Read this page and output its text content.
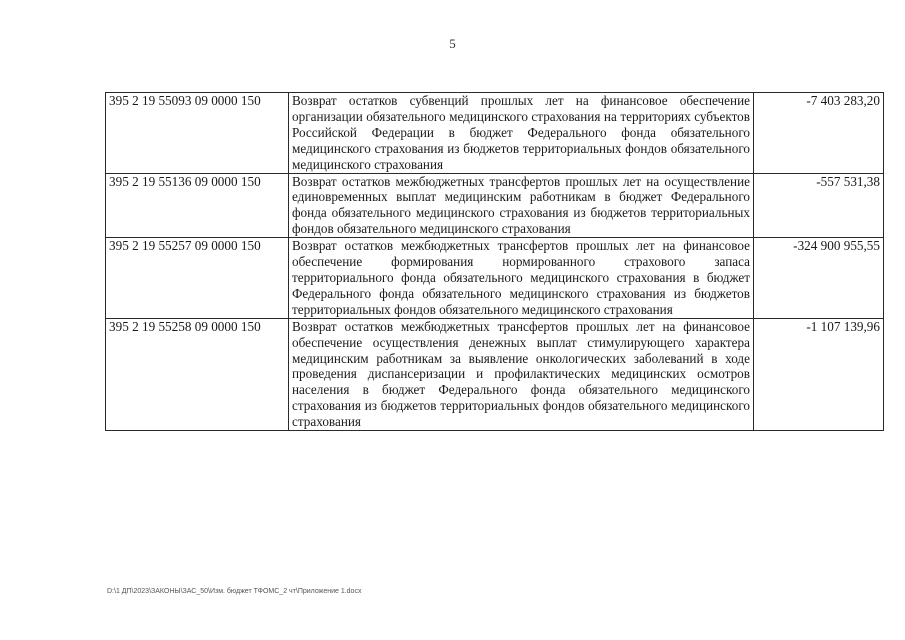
5
395 2 19 55093 09 0000 150	Возврат остатков субвенций прошлых лет на финансовое обеспечение организации обязательного медицинского страхования на территориях субъектов Российской Федерации в бюджет Федерального фонда обязательного медицинского страхования из бюджетов территориальных фондов обязательного медицинского страхования	-7 403 283,20
395 2 19 55136 09 0000 150	Возврат остатков межбюджетных трансфертов прошлых лет на осуществление единовременных выплат медицинским работникам в бюджет Федерального фонда обязательного медицинского страхования из бюджетов территориальных фондов обязательного медицинского страхования	-557 531,38
395 2 19 55257 09 0000 150	Возврат остатков межбюджетных трансфертов прошлых лет на финансовое обеспечение формирования нормированного страхового запаса территориального фонда обязательного медицинского страхования в бюджет Федерального фонда обязательного медицинского страхования из бюджетов территориальных фондов обязательного медицинского страхования	-324 900 955,55
395 2 19 55258 09 0000 150	Возврат остатков межбюджетных трансфертов прошлых лет на финансовое обеспечение осуществления денежных выплат стимулирующего характера медицинским работникам за выявление онкологических заболеваний в ходе проведения диспансеризации и профилактических медицинских осмотров населения в бюджет Федерального фонда обязательного медицинского страхования из бюджетов территориальных фондов обязательного медицинского страхования	-1 107 139,96
D:\1 ДП\2023\ЗАКОНЫ\ЗАС_50\Изм. бюджет ТФОМС_2 чт\Приложение 1.docx
